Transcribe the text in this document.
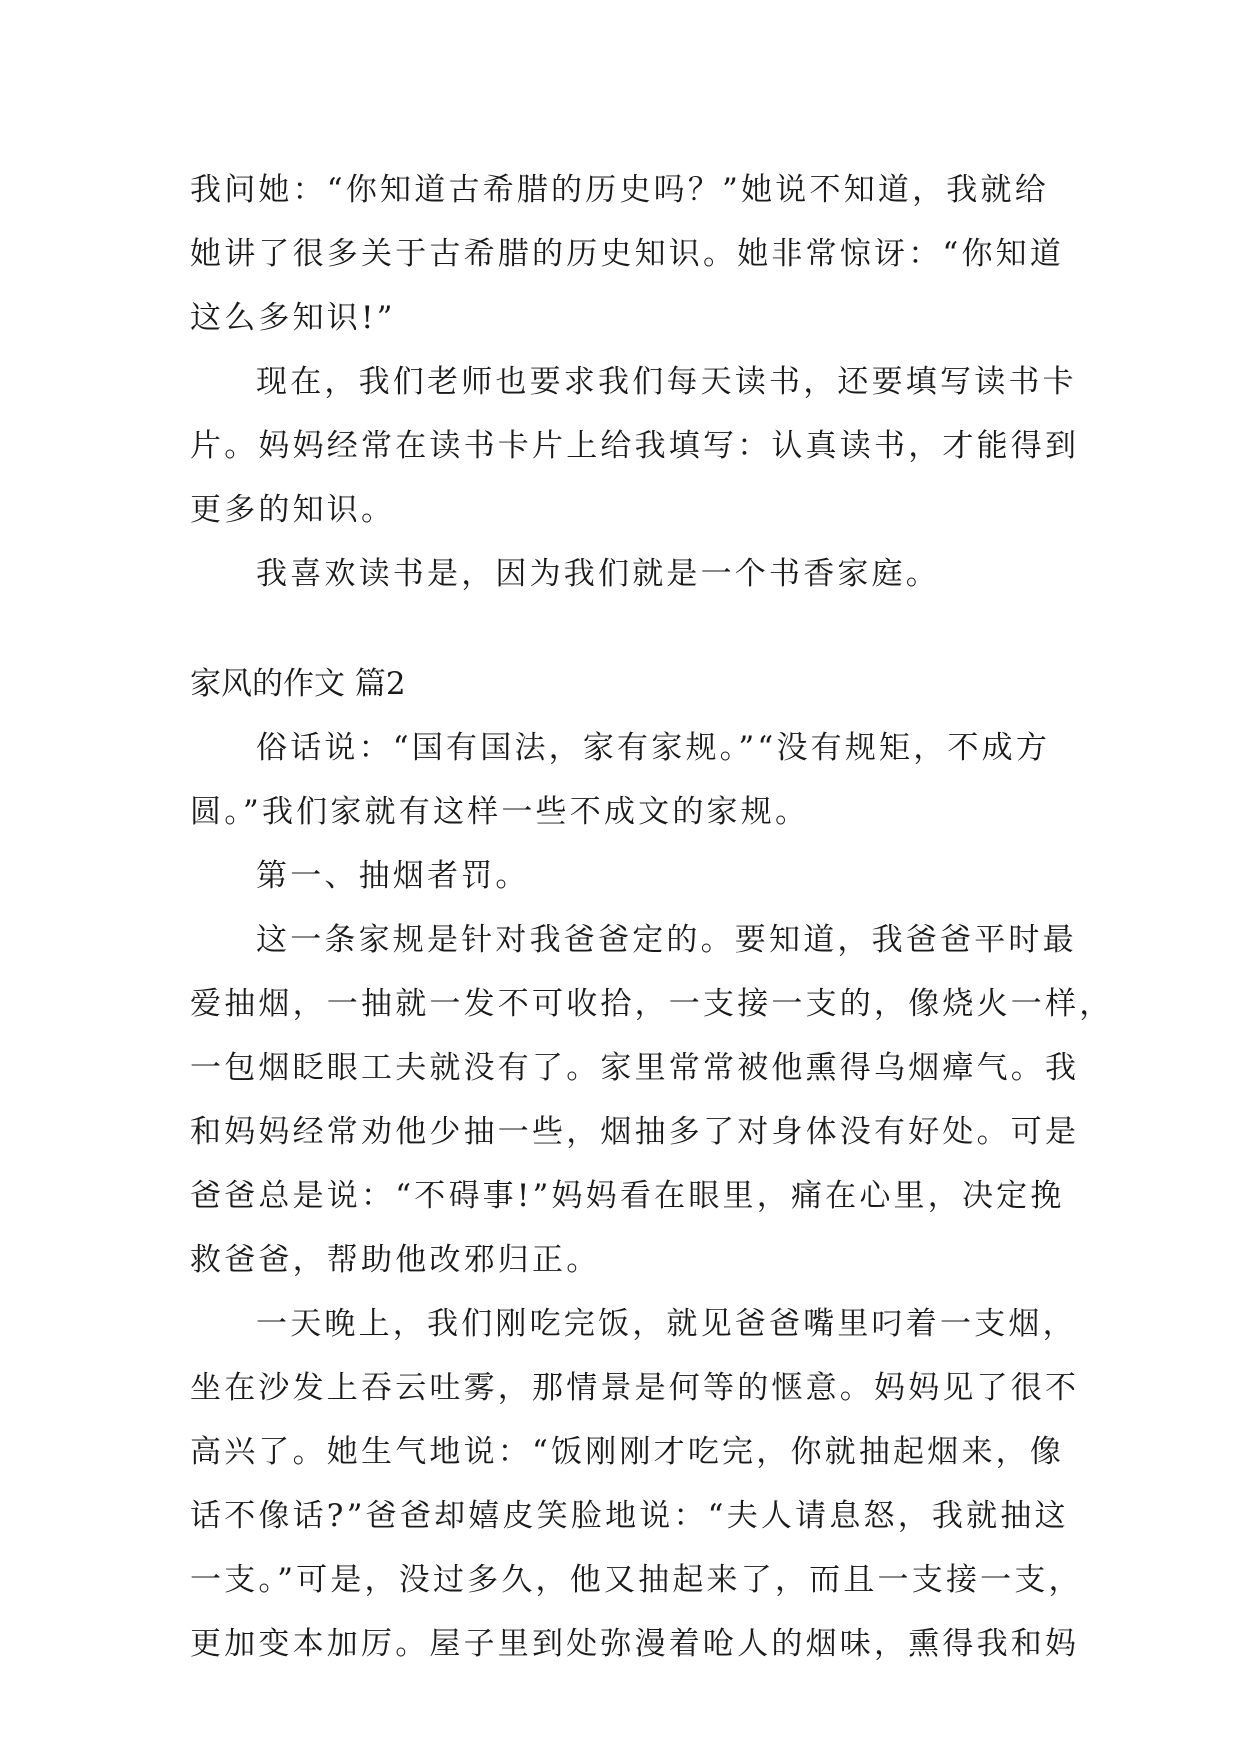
我问她：“你知道古希腊的历史吗？”她说不知道，我就给
她讲了很多关于古希腊的历史知识。她非常惊讶：“你知道
这么多知识!”
现在，我们老师也要求我们每天读书，还要填写读书卡
片。妈妈经常在读书卡片上给我填写：认真读书，才能得到
更多的知识。
我喜欢读书是，因为我们就是一个书香家庭。
家风的作文 篇2
俗话说：“国有国法，家有家规。”“没有规矩，不成方
圆。”我们家就有这样一些不成文的家规。
第一、抽烟者罚。
这一条家规是针对我爸爸定的。要知道，我爸爸平时最
爱抽烟，一抽就一发不可收拾，一支接一支的，像烧火一样，
一包烟眨眼工夫就没有了。家里常常被他熏得乌烟瘴气。我
和妈妈经常劝他少抽一些，烟抽多了对身体没有好处。可是
爸爸总是说：“不碍事!”妈妈看在眼里，痛在心里，决定挽
救爸爸，帮助他改邪归正。
一天晚上，我们刚吃完饭，就见爸爸嘴里叼着一支烟，
坐在沙发上吞云吐雾，那情景是何等的惬意。妈妈见了很不
高兴了。她生气地说：“饭刚刚才吃完，你就抽起烟来，像
话不像话?”爸爸却嬉皮笑脸地说：“夫人请息怒，我就抽这
一支。”可是，没过多久，他又抽起来了，而且一支接一支，
更加变本加厉。屋子里到处弥漫着呛人的烟味，熏得我和妈
